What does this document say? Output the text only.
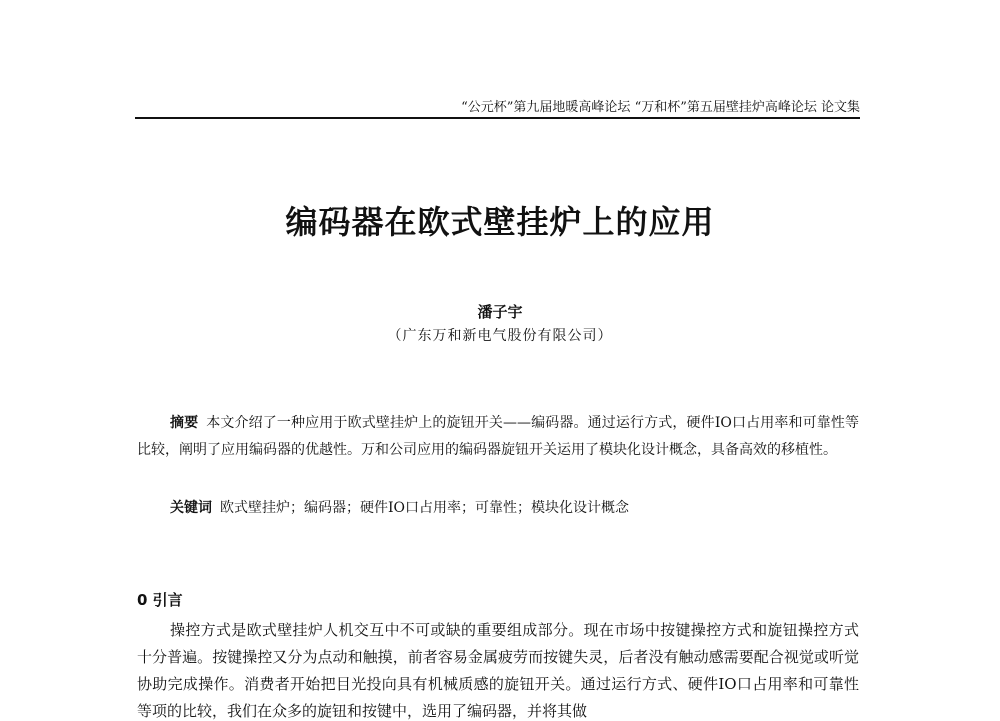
“公元杯”第九届地暖高峰论坛 “万和杯”第五届壁挂炉高峰论坛 论文集
编码器在欧式壁挂炉上的应用
潘子宇
（广东万和新电气股份有限公司）

摘要 本文介绍了一种应用于欧式壁挂炉上的旋钮开关——编码器。通过运行方式，硬件IO口占用率和可靠性等比较，阐明了应用编码器的优越性。万和公司应用的编码器旋钮开关运用了模块化设计概念，具备高效的移植性。

关键词 欧式壁挂炉；编码器；硬件IO口占用率；可靠性；模块化设计概念

0 引言

操控方式是欧式壁挂炉人机交互中不可或缺的重要组成部分。现在市场中按键操控方式和旋钮操控方式十分普遍。按键操控又分为点动和触摸，前者容易金属疲劳而按键失灵，后者没有触动感需要配合视觉或听觉协助完成操作。消费者开始把目光投向具有机械质感的旋钮开关。通过运行方式、硬件IO口占用率和可靠性等项的比较，我们在众多的旋钮和按键中，选用了编码器，并将其做
